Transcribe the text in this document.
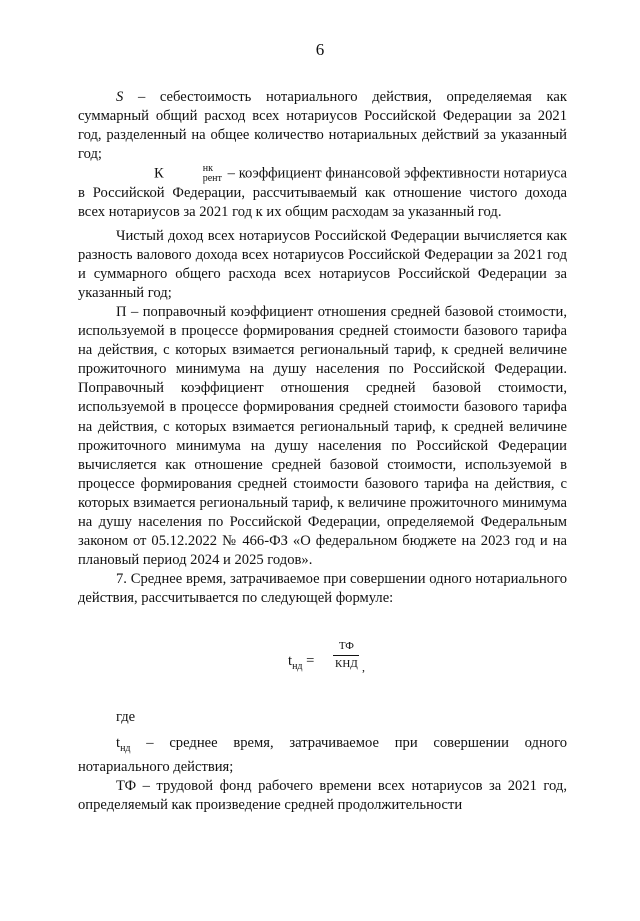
6

S – себестоимость нотариального действия, определяемая как суммарный общий расход всех нотариусов Российской Федерации за 2021 год, разделенный на общее количество нотариальных действий за указанный год;

К	нк
рент – коэффициент финансовой эффективности нотариуса в Российской Федерации, рассчитываемый как отношение чистого дохода всех нотариусов за 2021 год к их общим расходам за указанный год.

Чистый доход всех нотариусов Российской Федерации вычисляется как разность валового дохода всех нотариусов Российской Федерации за 2021 год и суммарного общего расхода всех нотариусов Российской Федерации за указанный год;

П – поправочный коэффициент отношения средней базовой стоимости, используемой в процессе формирования средней стоимости базового тарифа на действия, с которых взимается региональный тариф, к средней величине прожиточного минимума на душу населения по Российской Федерации. Поправочный коэффициент отношения средней базовой стоимости, используемой в процессе формирования средней стоимости базового тарифа на действия, с которых взимается региональный тариф, к средней величине прожиточного минимума на душу населения по Российской Федерации вычисляется как отношение средней базовой стоимости, используемой в процессе формирования средней стоимости базового тарифа на действия, с которых взимается региональный тариф, к величине прожиточного минимума на душу населения по Российской Федерации, определяемой Федеральным законом от 05.12.2022 № 466-ФЗ «О федеральном бюджете на 2023 год и на плановый период 2024 и 2025 годов».

7. Среднее время, затрачиваемое при совершении одного нотариального действия, рассчитывается по следующей формуле:

$t_{нд}$ =
ТФ
КНД ,

где

$t_{нд}$ – среднее время, затрачиваемое при совершении одного нотариального действия;

ТФ – трудовой фонд рабочего времени всех нотариусов за 2021 год, определяемый как произведение средней продолжительности
